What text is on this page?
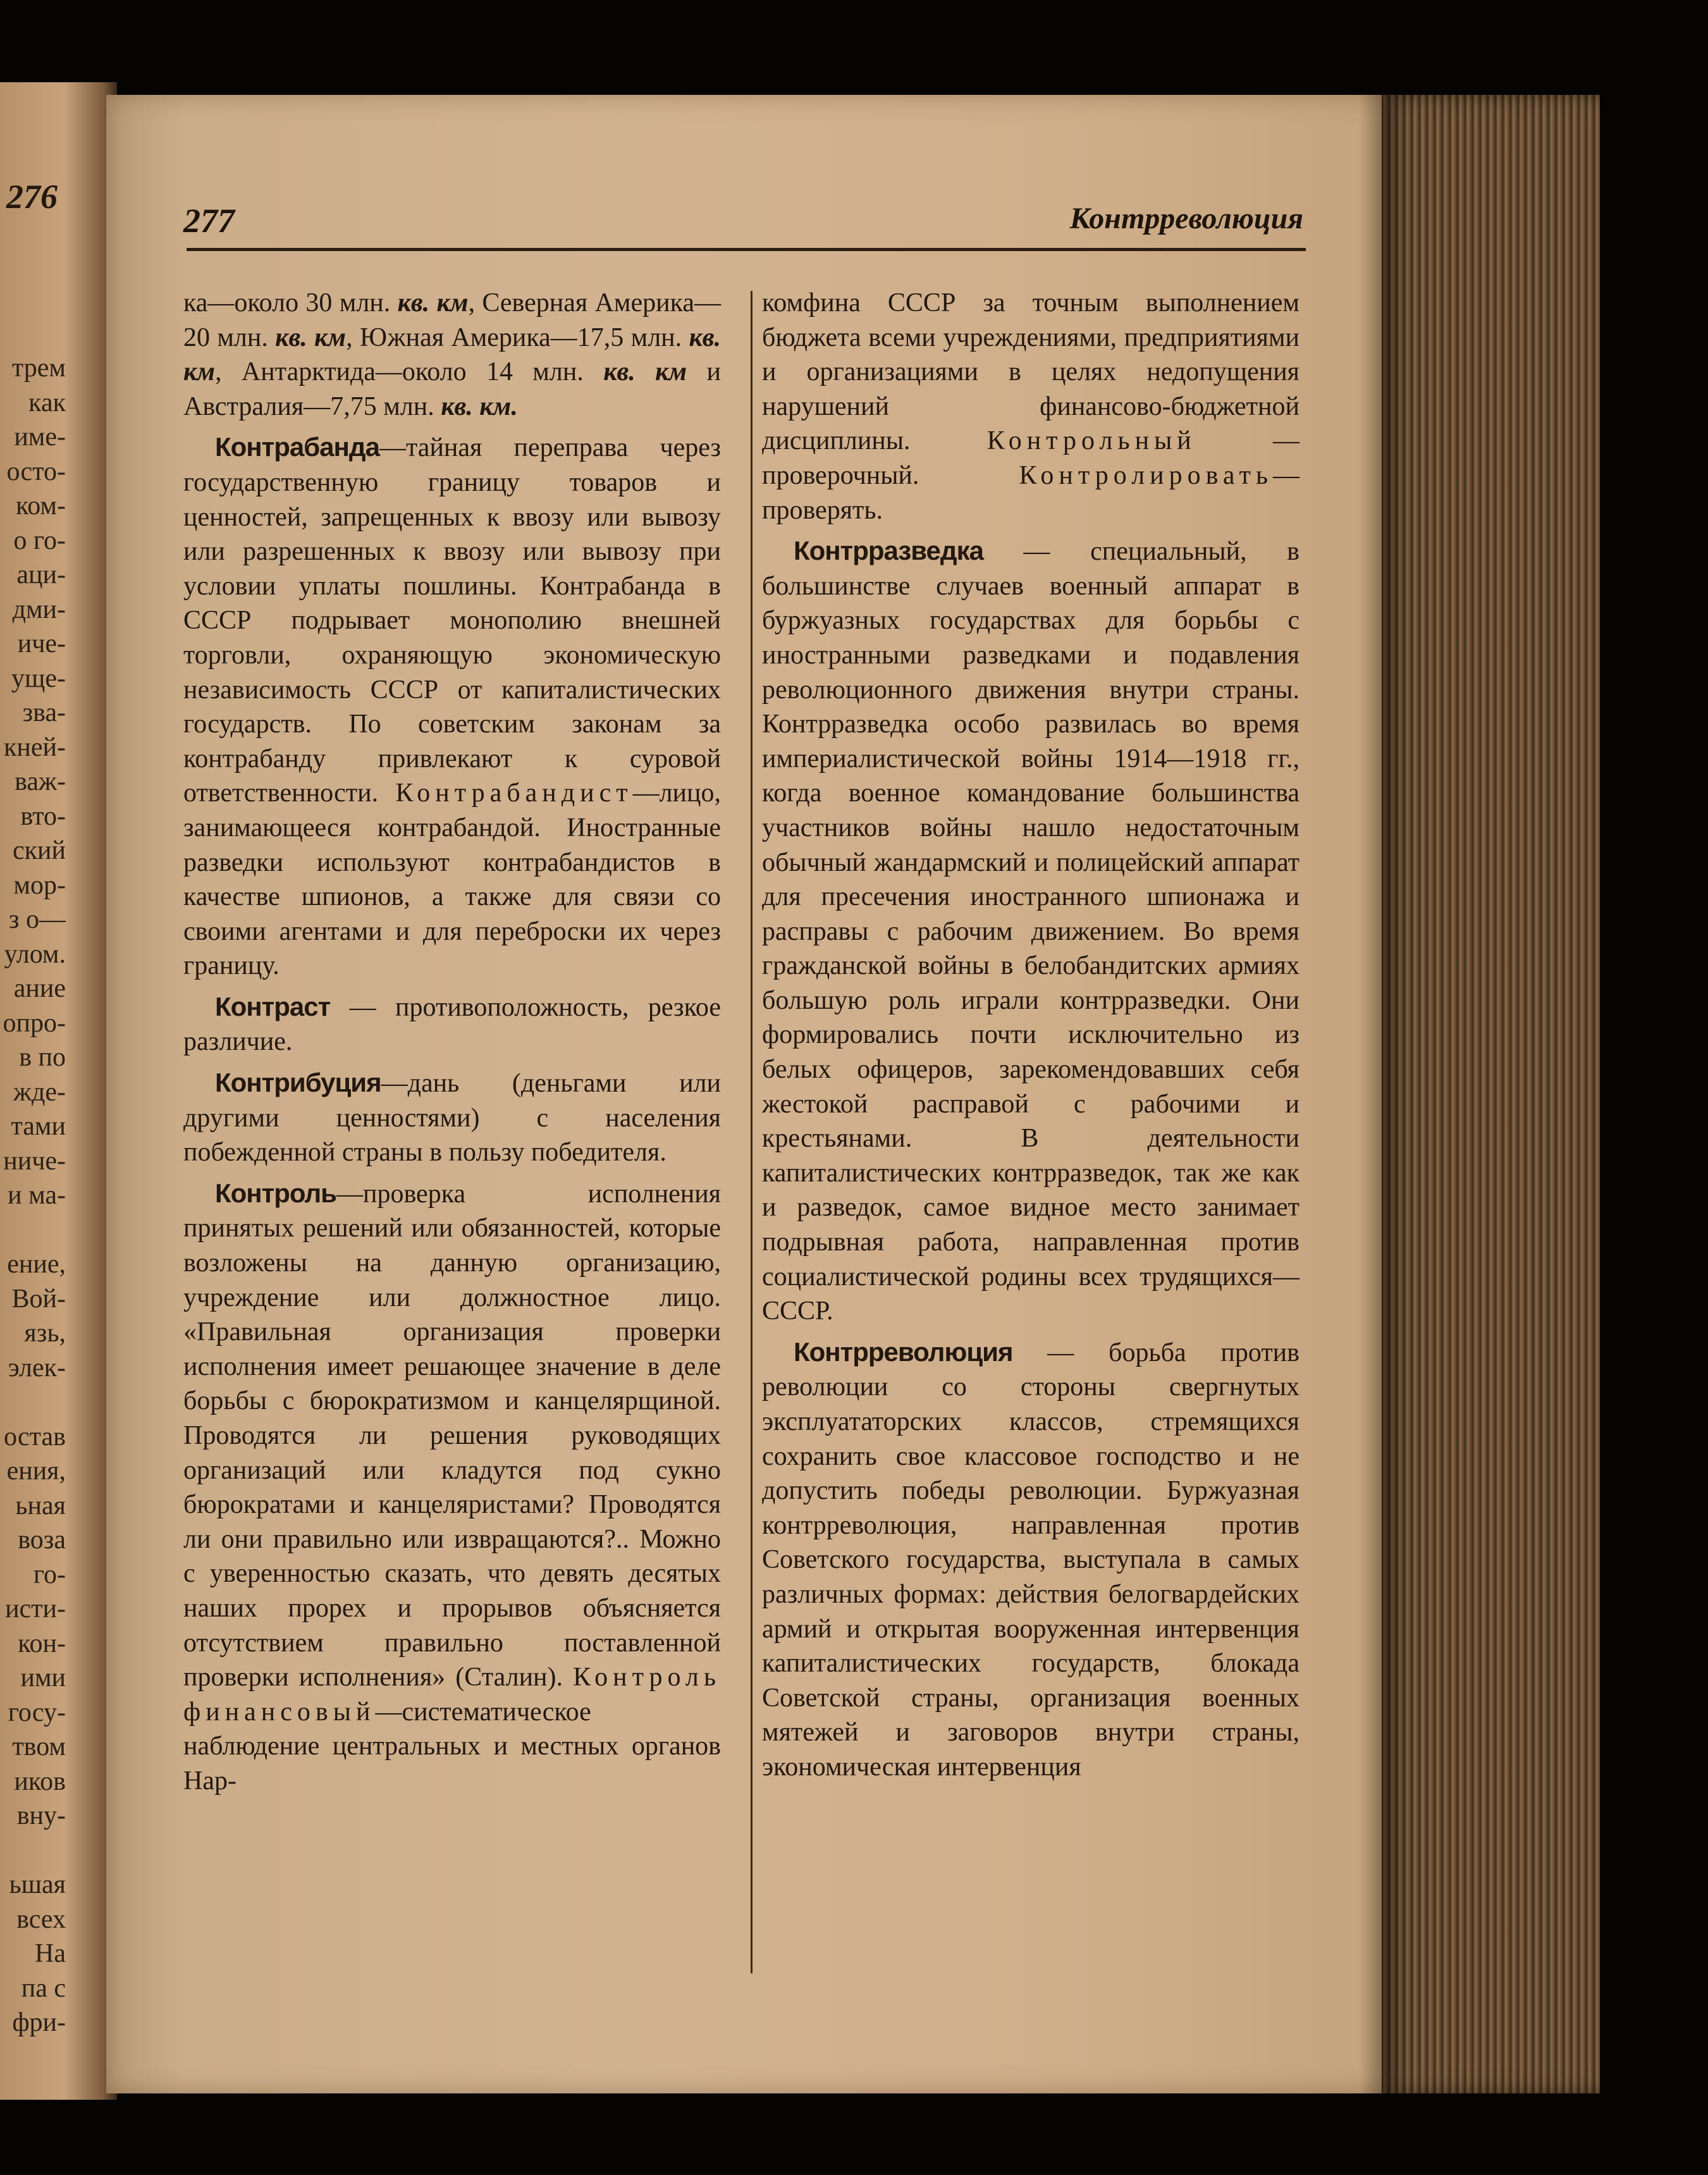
276
трем
как
име-
осто-
ком-
о го-
аци-
дми-
иче-
уще-
зва-
кней-
важ-
вто-
ский
мор-
з о—
улом.
ание
опро-
в по
жде-
тами
ниче-
и ма-
ение,
Вой-
язь,
элек-
остав
ения,
ьная
воза
го-
исти-
кон-
ими
госу-
твом
иков
вну-
ьшая
всех
На
па с
фри-
277	Контрреволюция

ка—около 30 млн. кв. км, Северная Америка—20 млн. кв. км, Южная Америка—17,5 млн. кв. км, Антарктида—около 14 млн. кв. км и Австралия—7,75 млн. кв. км.

Контрабанда—тайная переправа через государственную границу товаров и ценностей, запрещенных к ввозу или вывозу или разрешенных к ввозу или вывозу при условии уплаты пошлины. Контрабанда в СССР подрывает монополию внешней торговли, охраняющую экономическую независимость СССР от капиталистических государств. По советским законам за контрабанду привлекают к суровой ответственности. Контрабандист—лицо, занимающееся контрабандой. Иностранные разведки используют контрабандистов в качестве шпионов, а также для связи со своими агентами и для переброски их через границу.

Контраст — противоположность, резкое различие.

Контрибуция—дань (деньгами или другими ценностями) с населения побежденной страны в пользу победителя.

Контроль—проверка исполнения принятых решений или обязанностей, которые возложены на данную организацию, учреждение или должностное лицо. «Правильная организация проверки исполнения имеет решающее значение в деле борьбы с бюрократизмом и канцелярщиной. Проводятся ли решения руководящих организаций или кладутся под сукно бюрократами и канцеляристами? Проводятся ли они правильно или извращаются?.. Можно с уверенностью сказать, что девять десятых наших прорех и прорывов объясняется отсутствием правильно поставленной проверки исполнения» (Сталин). Контроль финансовый—систематическое наблюдение центральных и местных органов Нар-

комфина СССР за точным выполнением бюджета всеми учреждениями, предприятиями и организациями в целях недопущения нарушений финансово-бюджетной дисциплины. Контрольный — проверочный. Контролировать—проверять.

Контрразведка — специальный, в большинстве случаев военный аппарат в буржуазных государствах для борьбы с иностранными разведками и подавления революционного движения внутри страны. Контрразведка особо развилась во время империалистической войны 1914—1918 гг., когда военное командование большинства участников войны нашло недостаточным обычный жандармский и полицейский аппарат для пресечения иностранного шпионажа и расправы с рабочим движением. Во время гражданской войны в белобандитских армиях большую роль играли контрразведки. Они формировались почти исключительно из белых офицеров, зарекомендовавших себя жестокой расправой с рабочими и крестьянами. В деятельности капиталистических контрразведок, так же как и разведок, самое видное место занимает подрывная работа, направленная против социалистической родины всех трудящихся—СССР.

Контрреволюция — борьба против революции со стороны свергнутых эксплуататорских классов, стремящихся сохранить свое классовое господство и не допустить победы революции. Буржуазная контрреволюция, направленная против Советского государства, выступала в самых различных формах: действия белогвардейских армий и открытая вооруженная интервенция капиталистических государств, блокада Советской страны, организация военных мятежей и заговоров внутри страны, экономическая интервенция
